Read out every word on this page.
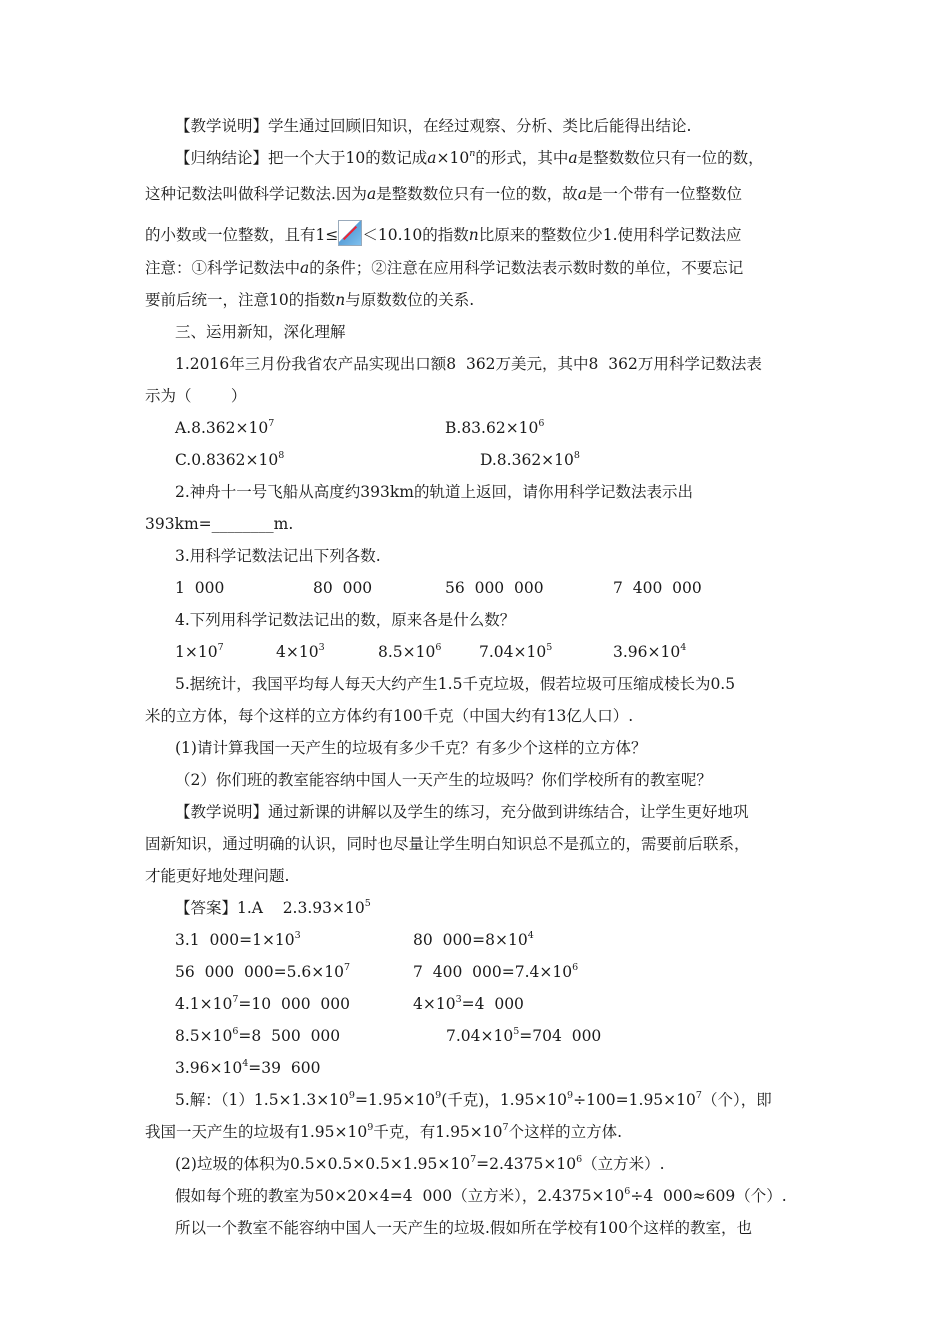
【教学说明】学生通过回顾旧知识，在经过观察、分析、类比后能得出结论.
【归纳结论】把一个大于10的数记成$a\times 10^n$的形式，其中a是整数数位只有一位的数，
这种记数法叫做科学记数法.因为a是整数数位只有一位的数，故a是一个带有一位整数位
的小数或一位整数，且有1≤ ＜10.10的指数n比原来的整数位少1.使用科学记数法应
注意：①科学记数法中a的条件；②注意在应用科学记数法表示数时数的单位，不要忘记
要前后统一，注意10的指数n与原数数位的关系.
三、运用新知，深化理解
1.2016年三月份我省农产品实现出口额8  362万美元，其中8  362万用科学记数法表
示为（        ）
$A.8.362\times 10^7$	$B.83.62\times 10^6$
$C.0.8362\times 10^8$	$D.8.362\times 10^8$
2.神舟十一号飞船从高度约393km的轨道上返回，请你用科学记数法表示出
393km=________m.
3.用科学记数法记出下列各数.
1  000	80  000	56  000  000	7  400  000
4.下列用科学记数法记出的数，原来各是什么数？
$1\times 10^7$	$4\times 10^3$	$8.5\times 10^6$ $7.04\times 10^5$	$3.96\times 10^4$
5.据统计，我国平均每人每天大约产生1.5千克垃圾，假若垃圾可压缩成棱长为0.5
米的立方体，每个这样的立方体约有100千克（中国大约有13亿人口）.
(1)请计算我国一天产生的垃圾有多少千克？有多少个这样的立方体？
（2）你们班的教室能容纳中国人一天产生的垃圾吗？你们学校所有的教室呢？
【教学说明】通过新课的讲解以及学生的练习，充分做到讲练结合，让学生更好地巩
固新知识，通过明确的认识，同时也尽量让学生明白知识总不是孤立的，需要前后联系，
才能更好地处理问题.
【答案】1.A    $2.3.93\times 10^5$
3.1  $000=1\times 10^3$	80  $000=8\times 10^4$
56  000  $000=5.6\times 10^7$	7  400  $000=7.4\times 10^6$
$4.1\times 10^7=10$  000  000	$4\times 10^3=4$  000
$8.5\times 10^6=8$  500  000	$7.04\times 10^5=704$  000
$3.96\times 10^4=39$  600
5.解：$(1)1.5\times 1.3\times 10^9=1.95\times 10^9$(千克)，$1.95\times 10^9\div 100=1.95\times 10^7$（个），即
我国一天产生的垃圾有$1.95\times 10^9$千克，有$1.95\times 10^7$个这样的立方体.
(2)垃圾的体积为$0.5\times 0.5\times 0.5\times 1.95\times 10^7=2.4375\times 10^6$（立方米）.
假如每个班的教室为50×20×4=4  000（立方米），$2.4375\times 10^6\div 4$  000≈609（个）.
所以一个教室不能容纳中国人一天产生的垃圾.假如所在学校有100个这样的教室，也
